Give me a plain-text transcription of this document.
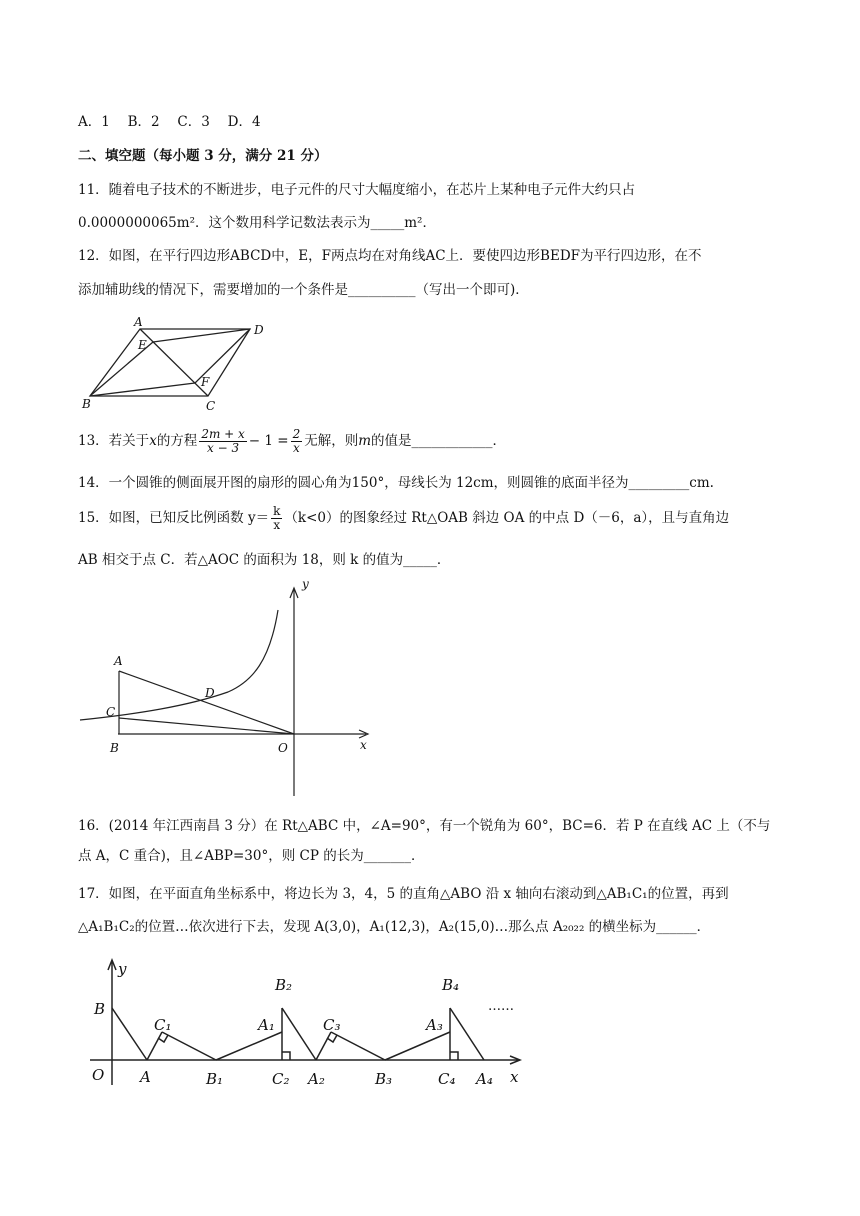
A．1　 B．2　 C．3　 D．4
二、填空题（每小题 3 分，满分 21 分）
11．随着电子技术的不断进步，电子元件的尺寸大幅度缩小，在芯片上某种电子元件大约只占
0.0000000065m²．这个数用科学记数法表示为_____m²．
12．如图，在平行四边形ABCD中，E，F两点均在对角线AC上．要使四边形BEDF为平行四边形，在不
添加辅助线的情况下，需要增加的一个条件是__________（写出一个即可)．
A
D
E
F
B	C
13．若关于x的方程 $\frac{2m + x}{x - 3} - 1 = \frac{2}{x}$ 无解，则m的值是____________．
14．一个圆锥的侧面展开图的扇形的圆心角为150°，母线长为 12cm，则圆锥的底面半径为_________cm.
15．如图，已知反比例函数 $y= \frac{k}{x} (k<0)$的图象经过 Rt△OAB 斜边 OA 的中点 D（－6，a），且与直角边
AB 相交于点 C．若△AOC 的面积为 18，则 k 的值为_____．
y
x
A
D
C
B	O
16．(2014 年江西南昌 3 分）在 Rt△ABC 中，∠A=90°，有一个锐角为 60°，BC=6．若 P 在直线 AC 上（不与
点 A，C 重合)，且∠ABP=30°，则 CP 的长为_______．
17．如图，在平面直角坐标系中，将边长为 3，4，5 的直角△ABO 沿 x 轴向右滚动到△AB₁C₁的位置，再到
△A₁B₁C₂的位置…依次进行下去，发现 A(3,0)，A₁(12,3)，A₂(15,0)…那么点 A₂₀₂₂ 的横坐标为______．
y
x
O
B
A
C₁
B₁
B₂
A₁
C₂ A₂
C₃
B₃
B₄
A₃
C₄ A₄
……
